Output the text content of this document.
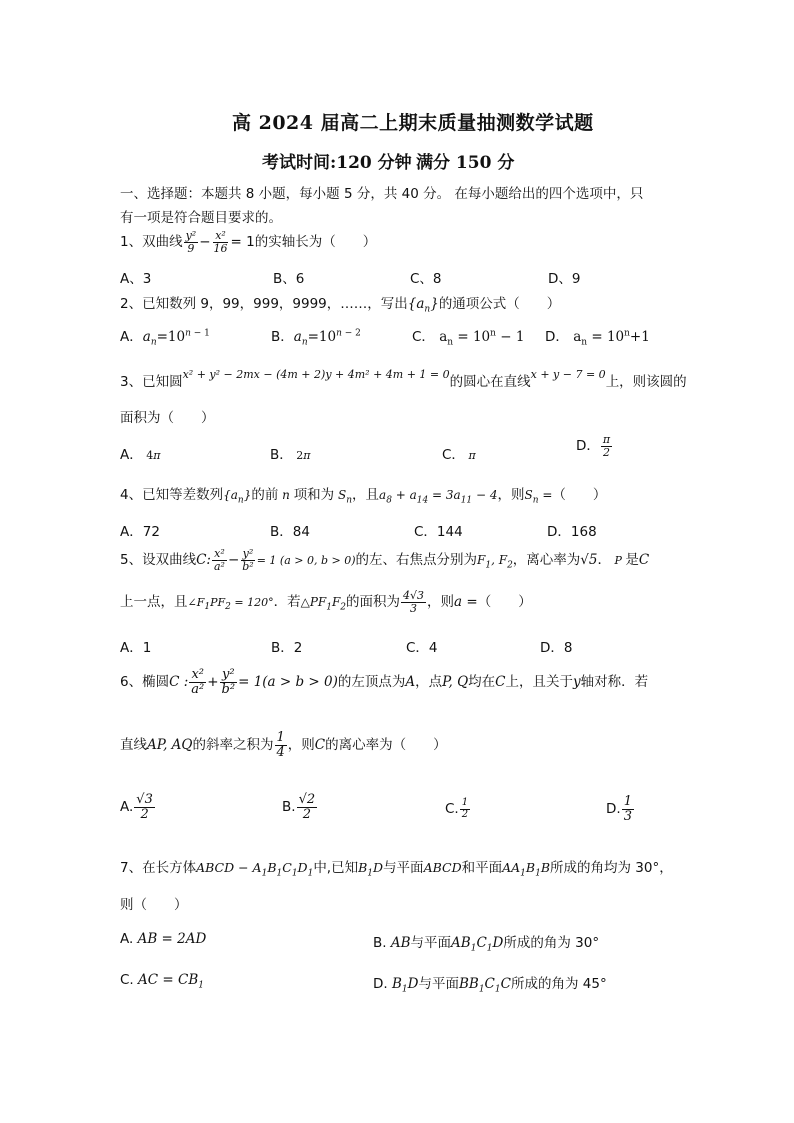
高 2024 届高二上期末质量抽测数学试题
考试时间:120 分钟 满分 150 分
一、选择题：本题共 8 小题，每小题 5 分，共 40 分。 在每小题给出的四个选项中，只
有一项是符合题目要求的。
1、双曲线 $\frac{\text{y²}}{9} - \frac{\text{x²}}{16} = 1$的实轴长为（　　）
A、3	B、6	C、8	D、9
2、已知数列 9，99，999，9999，……，写出$\{a_n\}$的通项公式（　　）
A．$a_n=10^{n - 1}$	B．$a_n=10^{n - 2}$	C． $a_n = 10^n - 1$ D． $a_n = 10^n+1$
3、已知圆$^{x^2 + y^2 - 2mx - (4m + 2)y + 4m^2 + 4m + 1 = 0}$的圆心在直线$^{x + y - 7 = 0}$上，则该圆的
面积为（　　）
A． 4π	B． 2π	C． π
D． $\frac{\pi}{2}$
4、已知等差数列$\{a_n\}$的前 n 项和为 $S_n$，且$a_8 + a_{14} = 3a_{11} - 4$，则$S_n$ =（　　）
A．72	B．84	C．144	D．168
5、设双曲线C: $\frac{\text{x²}}{\text{a²}} - \frac{\text{y²}}{\text{b²}} = 1$ (a > 0, b > 0)的左、右焦点分别为$F_1$, $F_2$，离心率为√5． P 是C
上一点，且$\angle F_1PF_2 = 120^\circ$．若$\triangle PF_1F_2$的面积为 $\frac{4√3}{3}$ ，则a =（　　）
A．1	B．2	C．4	D．8
6、椭圆C : $\frac{\text{x²}}{\text{a²}} + \frac{\text{y²}}{\text{b²}} = 1(a > b > 0)$的左顶点为A，点P, Q均在C上，且关于y轴对称．若
直线AP, AQ的斜率之积为 $\frac{1}{4}$ ，则C的离心率为（　　）
A. $\frac{√3}{2}$	B. $\frac{√2}{2}$	C. $\frac{1}{2}$	D. $\frac{1}{3}$
7、在长方体ABCD − $A_1B_1C_1D_1$中,已知$B_1D$与平面ABCD和平面$AA_1B_1B$所成的角均为 30°，
则（　　）
A. AB = 2AD	B. AB与平面$AB_1C_1D$所成的角为 30°
C. AC = $CB_1$	D. $B_1D$与平面$BB_1C_1C$所成的角为 45°
